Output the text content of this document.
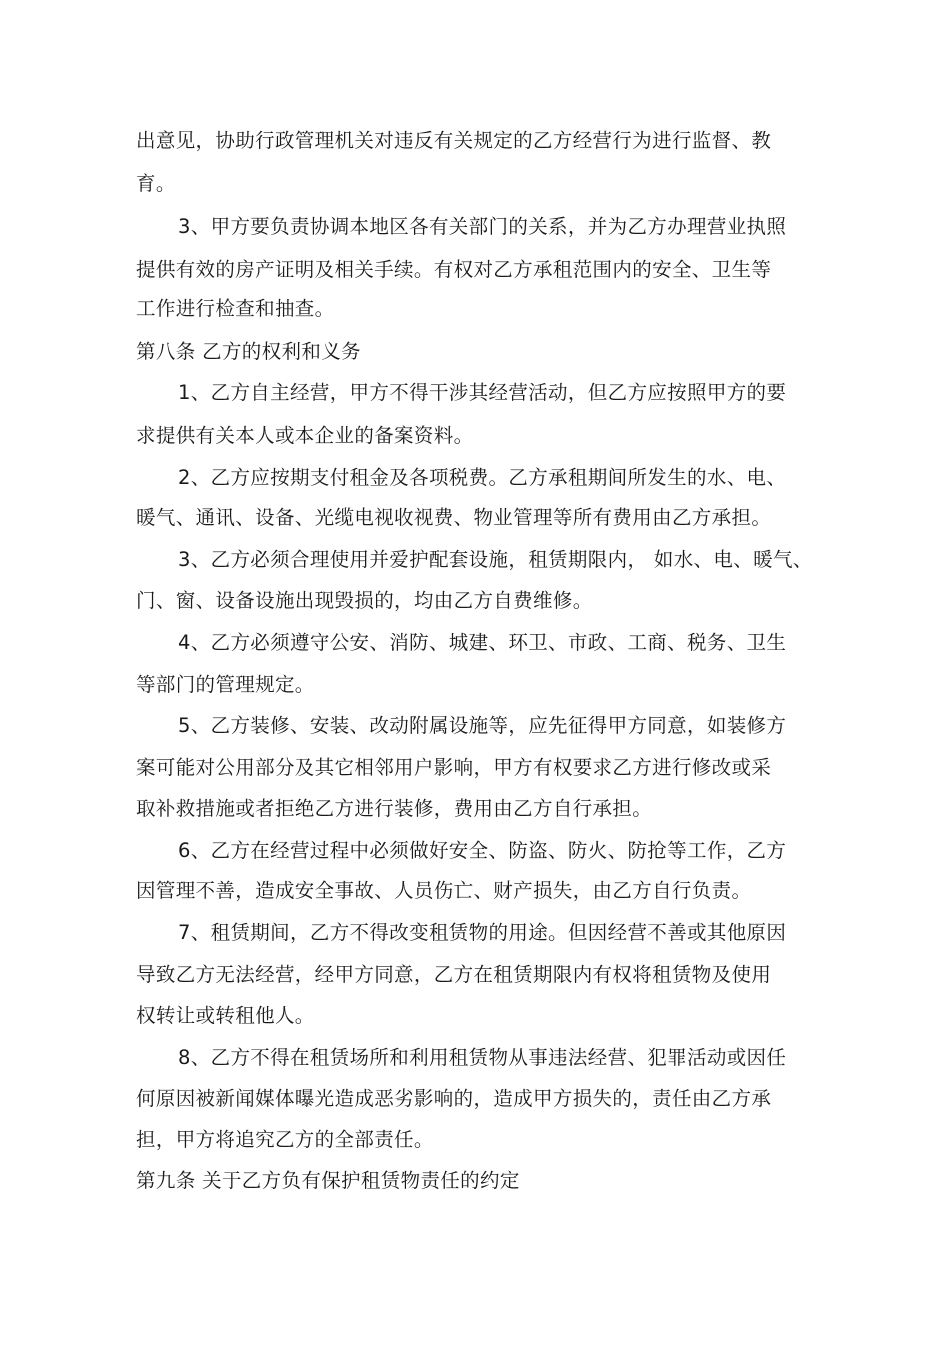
出意见，协助行政管理机关对违反有关规定的乙方经营行为进行监督、教
育。
3、甲方要负责协调本地区各有关部门的关系，并为乙方办理营业执照
提供有效的房产证明及相关手续。有权对乙方承租范围内的安全、卫生等
工作进行检查和抽查。
第八条 乙方的权利和义务
1、乙方自主经营，甲方不得干涉其经营活动，但乙方应按照甲方的要
求提供有关本人或本企业的备案资料。
2、乙方应按期支付租金及各项税费。乙方承租期间所发生的水、电、
暖气、通讯、设备、光缆电视收视费、物业管理等所有费用由乙方承担。
3、乙方必须合理使用并爱护配套设施，租赁期限内， 如水、电、暖气、
门、窗、设备设施出现毁损的，均由乙方自费维修。
4、乙方必须遵守公安、消防、城建、环卫、市政、工商、税务、卫生
等部门的管理规定。
5、乙方装修、安装、改动附属设施等，应先征得甲方同意，如装修方
案可能对公用部分及其它相邻用户影响，甲方有权要求乙方进行修改或采
取补救措施或者拒绝乙方进行装修，费用由乙方自行承担。
6、乙方在经营过程中必须做好安全、防盗、防火、防抢等工作，乙方
因管理不善，造成安全事故、人员伤亡、财产损失，由乙方自行负责。
7、租赁期间，乙方不得改变租赁物的用途。但因经营不善或其他原因
导致乙方无法经营，经甲方同意，乙方在租赁期限内有权将租赁物及使用
权转让或转租他人。
8、乙方不得在租赁场所和利用租赁物从事违法经营、犯罪活动或因任
何原因被新闻媒体曝光造成恶劣影响的，造成甲方损失的，责任由乙方承
担，甲方将追究乙方的全部责任。
第九条 关于乙方负有保护租赁物责任的约定
